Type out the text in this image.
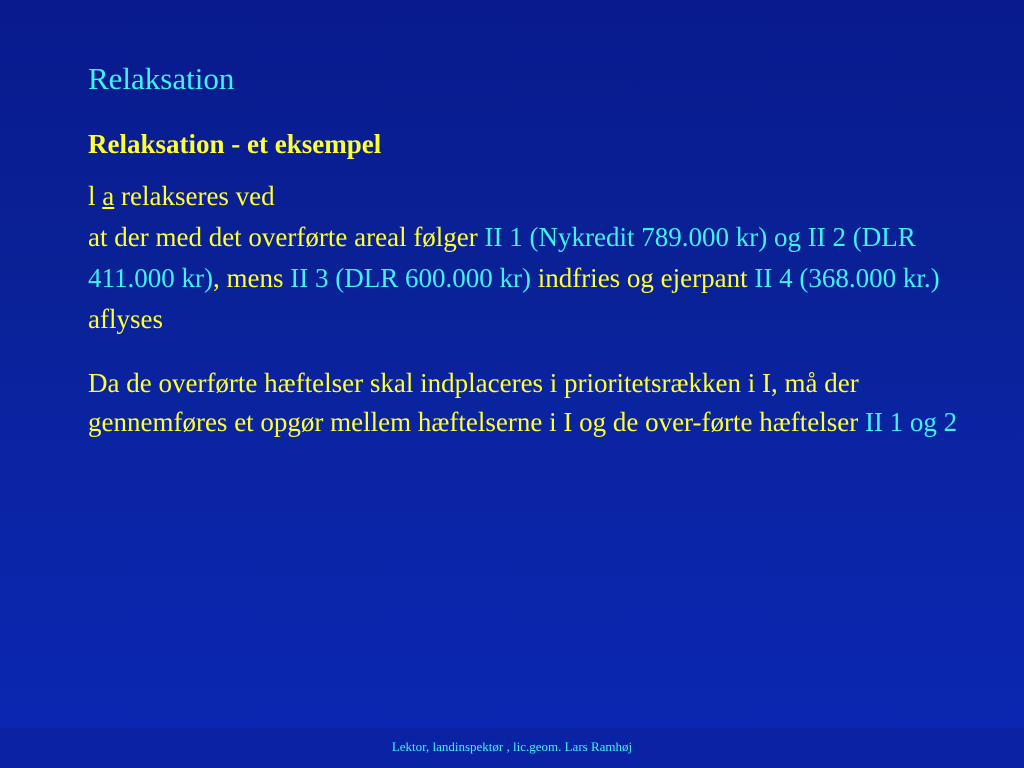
Relaksation
Relaksation - et eksempel
l a relakseres ved
at der med det overførte areal følger II 1 (Nykredit 789.000 kr) og II 2 (DLR 411.000 kr), mens II 3 (DLR 600.000 kr) indfries og ejerpant II 4 (368.000 kr.) aflyses
Da de overførte hæftelser skal indplaceres i prioritetsrækken i I, må der gennemføres et opgør mellem hæftelserne i I og de over-førte hæftelser II 1 og 2
Lektor, landinspektør , lic.geom. Lars Ramhøj
